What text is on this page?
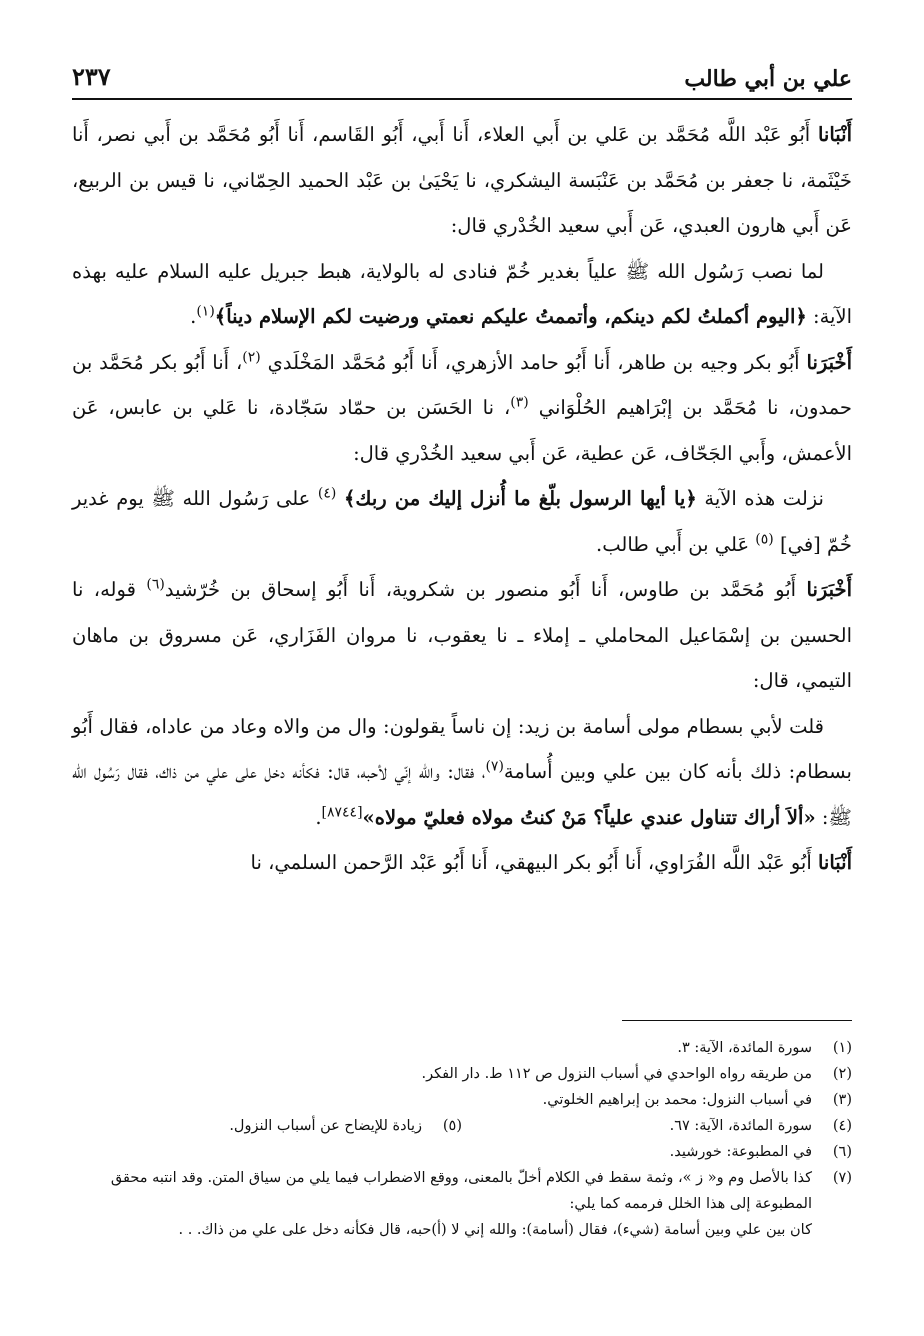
علي بن أبي طالب
٢٣٧

أَنْبَانا أَبُو عَبْد اللَّه مُحَمَّد بن عَلي بن أَبي العلاء، أَنا أَبي، أَبُو القَاسم، أَنا أَبُو مُحَمَّد بن أَبي نصر، أَنا خَيْثَمة، نا جعفر بن مُحَمَّد بن عَنْبَسة اليشكري، نا يَحْيَىٰ بن عَبْد الحميد الحِمّاني، نا قيس بن الربيع، عَن أَبي هارون العبدي، عَن أَبي سعيد الخُدْري قال:

لما نصب رَسُول الله ﷺ علياً بغدير خُمّ فنادى له بالولاية، هبط جبريل عليه السلام عليه بهذه الآية: ﴿اليوم أكملتُ لكم دينكم، وأتممتُ عليكم نعمتي ورضيت لكم الإسلام ديناً﴾$^{(١)}$.

أَخْبَرَنا أَبُو بكر وجيه بن طاهر، أَنا أَبُو حامد الأزهري، أَنا أَبُو مُحَمَّد المَخْلَدي $^{(٢)}$، أَنا أَبُو بكر مُحَمَّد بن حمدون، نا مُحَمَّد بن إبْرَاهيم الحُلْوَاني $^{(٣)}$، نا الحَسَن بن حمّاد سَجّادة، نا عَلي بن عابس، عَن الأعمش، وأَبي الجَحّاف، عَن عطية، عَن أَبي سعيد الخُدْري قال:

نزلت هذه الآية ﴿يا أيها الرسول بلّغ ما أُنزل إليك من ربك﴾ $^{(٤)}$ على رَسُول الله ﷺ يوم غدير خُمّ [في] $^{(٥)}$ عَلي بن أَبي طالب.

أَخْبَرَنا أَبُو مُحَمَّد بن طاوس، أَنا أَبُو منصور بن شكروية، أَنا أَبُو إسحاق بن خُرّشيد$^{(٦)}$ قوله، نا الحسين بن إسْمَاعيل المحاملي ـ إملاء ـ نا يعقوب، نا مروان الفَزَاري، عَن مسروق بن ماهان التيمي، قال:

قلت لأبي بسطام مولى أسامة بن زيد: إن ناساً يقولون: وال من والاه وعاد من عاداه، فقال أَبُو بسطام: ذلك بأنه كان بين علي وبين أُسامة$^{(٧)}$، فقال: والله إنّي لأحبه، قال: فكأنه دخل على علي من ذاك، فقال رَسُول الله ﷺ: «ألاَ أراك تتناول عندي علياً؟ مَنْ كنتُ مولاه فعليّ مولاه»[٨٧٤٤].

أَنْبَانا أَبُو عَبْد اللَّه الفُرَاوي، أَنا أَبُو بكر البيهقي، أَنا أَبُو عَبْد الرَّحمن السلمي، نا

(١)
سورة المائدة، الآية: ٣.
(٢)
من طريقه رواه الواحدي في أسباب النزول ص ١١٢ ط. دار الفكر.
(٣)
في أسباب النزول: محمد بن إبراهيم الخلوتي.
(٤)
سورة المائدة، الآية: ٦٧.
(٥)
زيادة للإيضاح عن أسباب النزول.
(٦)
في المطبوعة: خورشيد.
(٧)
كذا بالأصل وم و« ز »، وثمة سقط في الكلام أخلّ بالمعنى، ووقع الاضطراب فيما يلي من سياق المتن. وقد انتبه محقق المطبوعة إلى هذا الخلل فرممه كما يلي:
كان بين علي وبين أسامة (شيء)، فقال (أسامة): والله إني لا (أ)حبه، قال فكأنه دخل على علي من ذاك. . .
